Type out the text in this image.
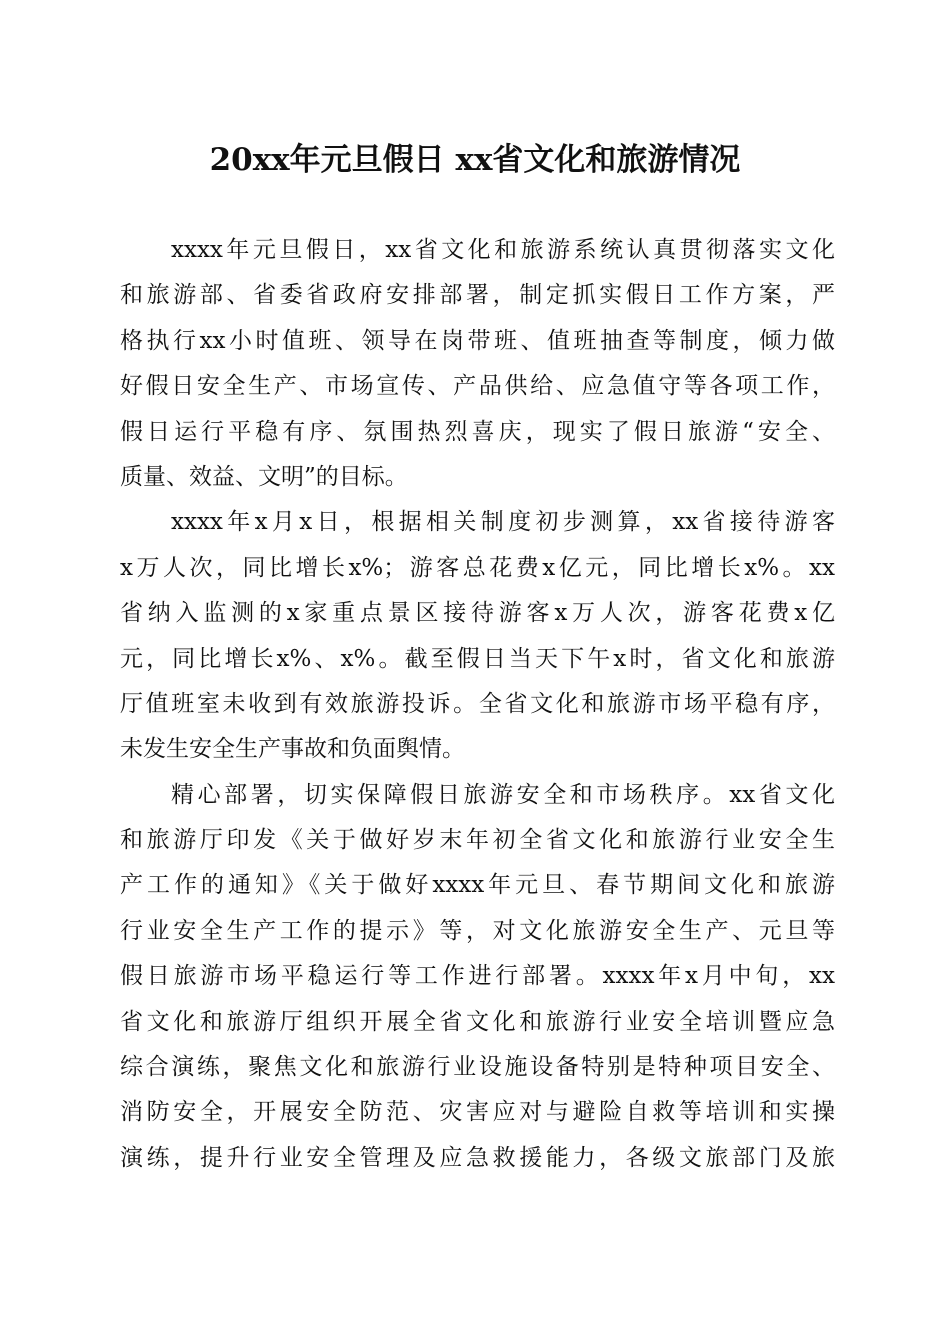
20xx年元旦假日 xx省文化和旅游情况
xxxx年元旦假日，xx省文化和旅游系统认真贯彻落实文化
和旅游部、省委省政府安排部署，制定抓实假日工作方案，严
格执行xx小时值班、领导在岗带班、值班抽查等制度，倾力做
好假日安全生产、市场宣传、产品供给、应急值守等各项工作，
假日运行平稳有序、氛围热烈喜庆，现实了假日旅游“安全、
质量、效益、文明”的目标。
xxxx年x月x日，根据相关制度初步测算，xx省接待游客
x万人次，同比增长x%；游客总花费x亿元，同比增长x%。xx
省纳入监测的x家重点景区接待游客x万人次，游客花费x亿
元，同比增长x%、x%。截至假日当天下午x时，省文化和旅游
厅值班室未收到有效旅游投诉。全省文化和旅游市场平稳有序，
未发生安全生产事故和负面舆情。
精心部署，切实保障假日旅游安全和市场秩序。xx省文化
和旅游厅印发《关于做好岁末年初全省文化和旅游行业安全生
产工作的通知》《关于做好xxxx年元旦、春节期间文化和旅游
行业安全生产工作的提示》等，对文化旅游安全生产、元旦等
假日旅游市场平稳运行等工作进行部署。xxxx年x月中旬，xx
省文化和旅游厅组织开展全省文化和旅游行业安全培训暨应急
综合演练，聚焦文化和旅游行业设施设备特别是特种项目安全、
消防安全，开展安全防范、灾害应对与避险自救等培训和实操
演练，提升行业安全管理及应急救援能力，各级文旅部门及旅
